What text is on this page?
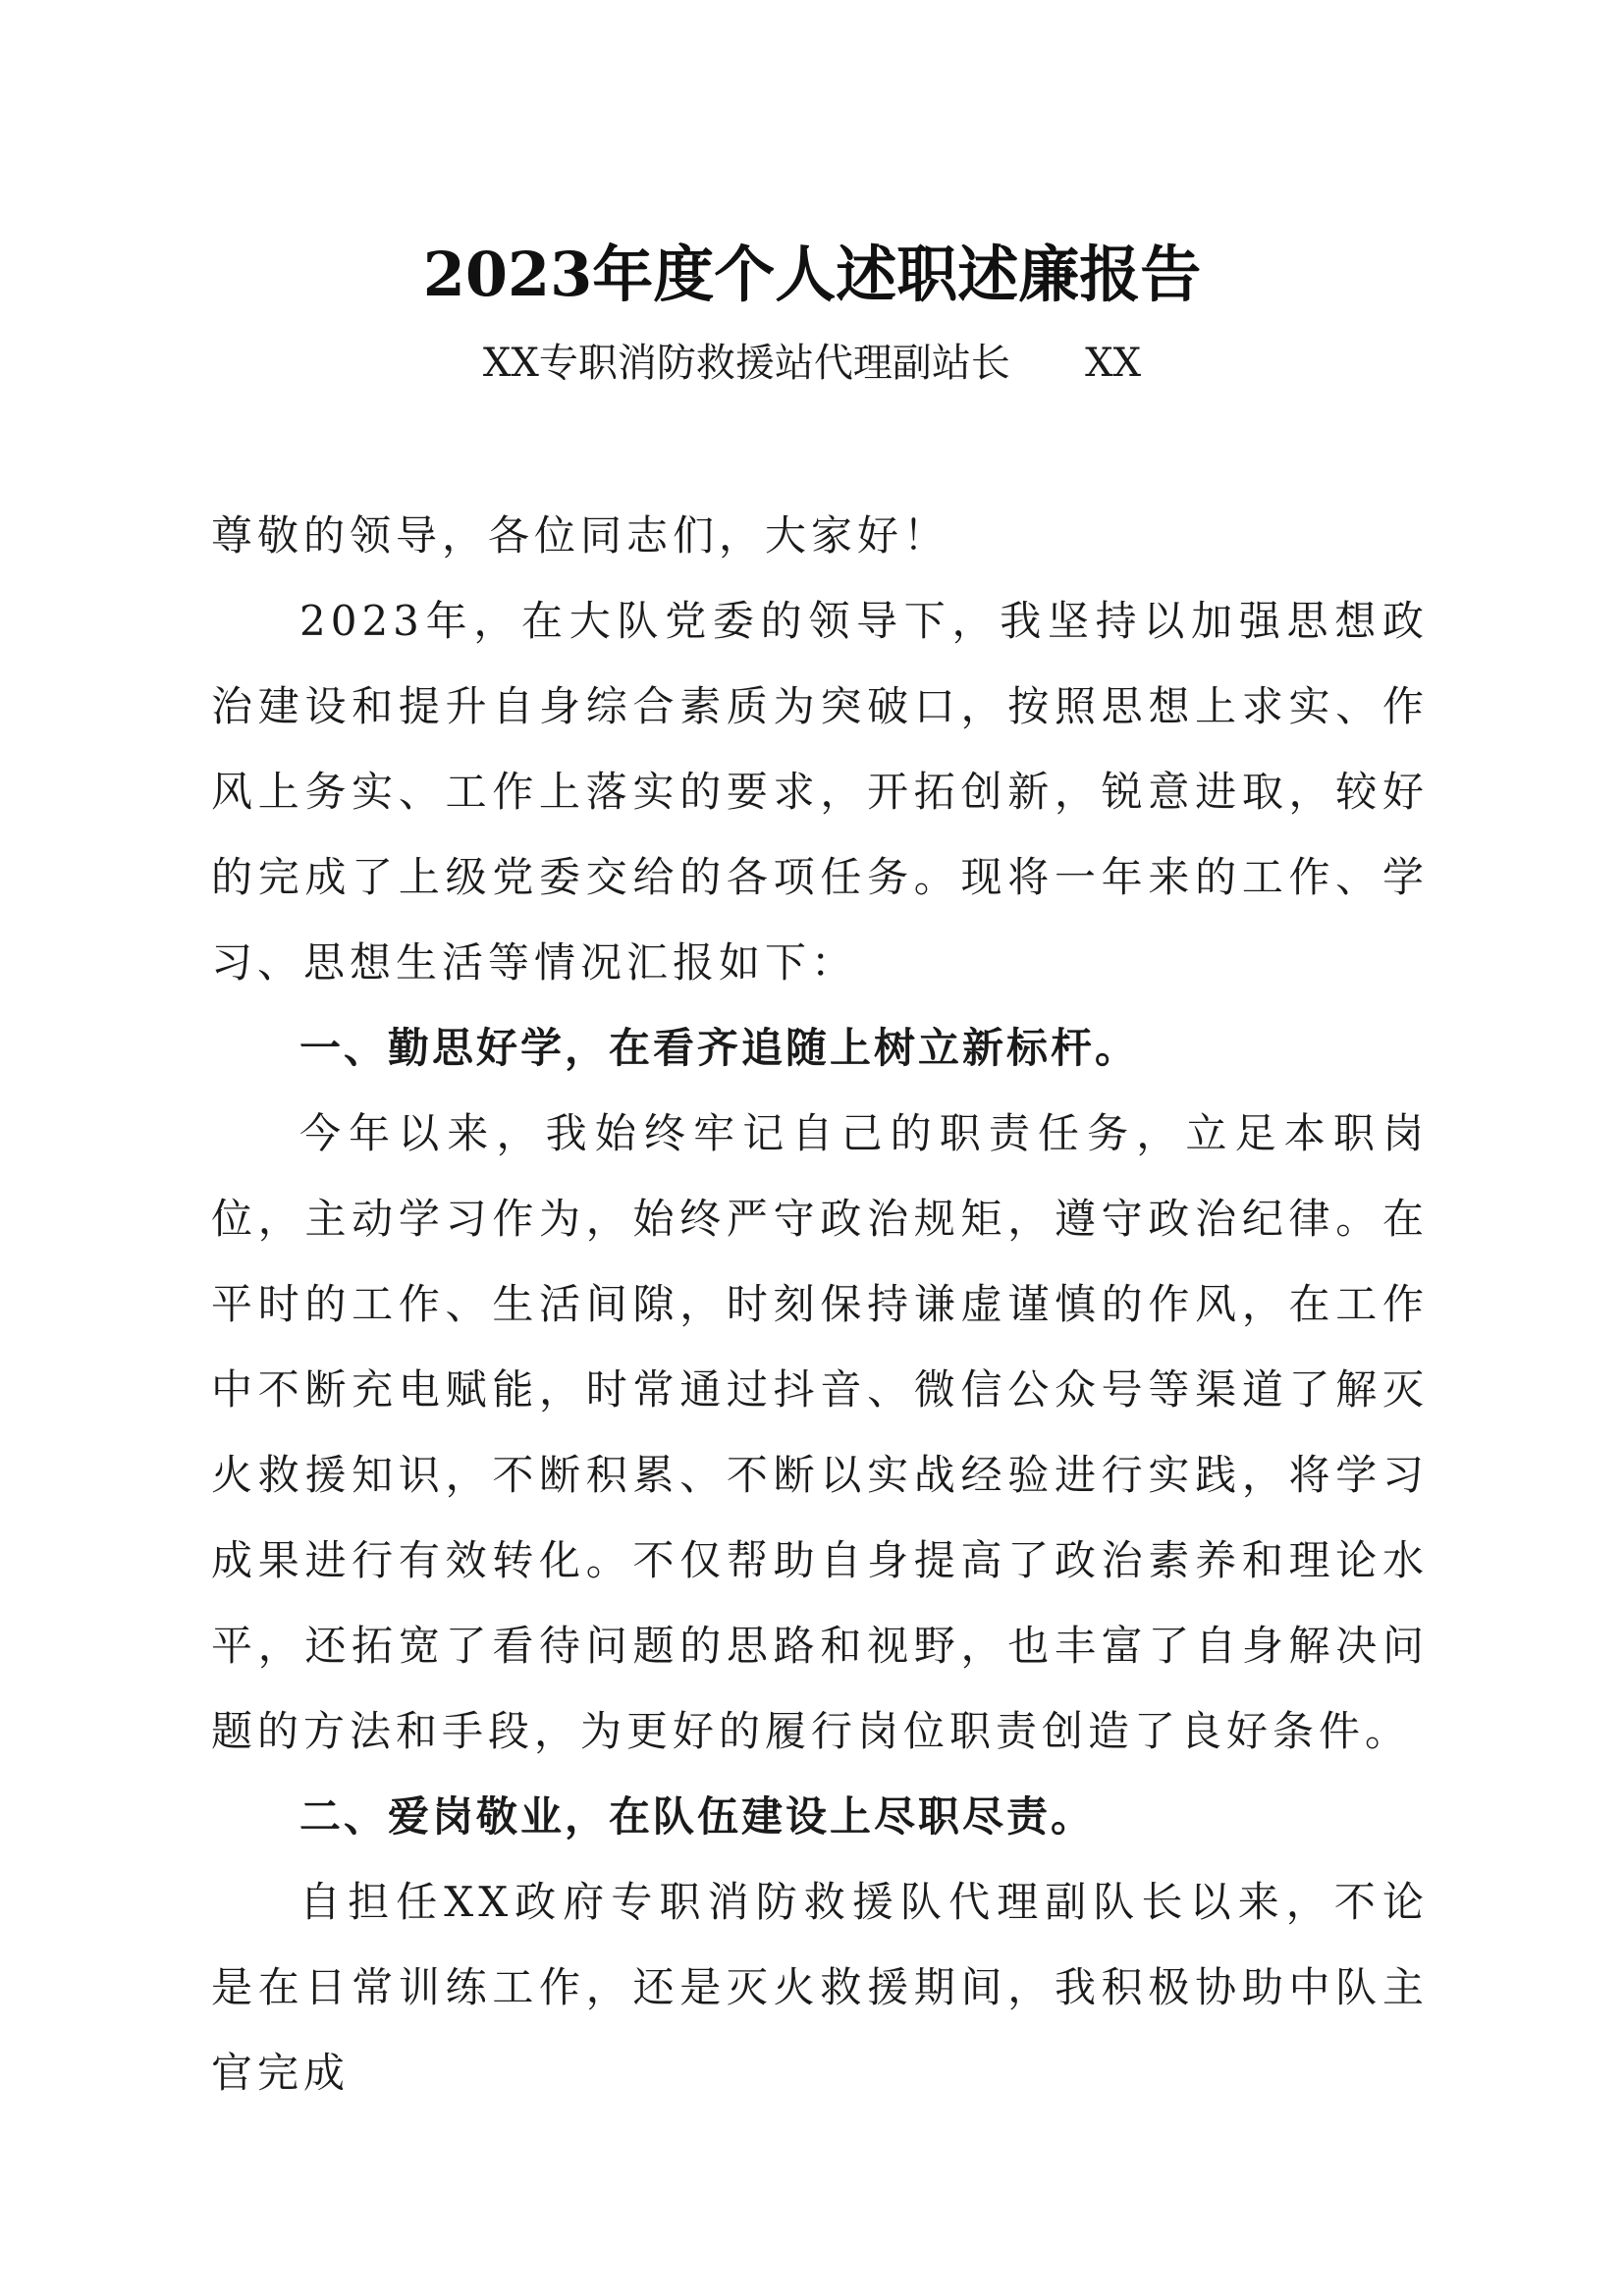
2023年度个人述职述廉报告
XX专职消防救援站代理副站长      XX

尊敬的领导，各位同志们，大家好！

2023年，在大队党委的领导下，我坚持以加强思想政治建设和提升自身综合素质为突破口，按照思想上求实、作风上务实、工作上落实的要求，开拓创新，锐意进取，较好的完成了上级党委交给的各项任务。现将一年来的工作、学习、思想生活等情况汇报如下：

一、勤思好学，在看齐追随上树立新标杆。

今年以来，我始终牢记自己的职责任务，立足本职岗位，主动学习作为，始终严守政治规矩，遵守政治纪律。在平时的工作、生活间隙，时刻保持谦虚谨慎的作风，在工作中不断充电赋能，时常通过抖音、微信公众号等渠道了解灭火救援知识，不断积累、不断以实战经验进行实践，将学习成果进行有效转化。不仅帮助自身提高了政治素养和理论水平，还拓宽了看待问题的思路和视野，也丰富了自身解决问题的方法和手段，为更好的履行岗位职责创造了良好条件。

二、爱岗敬业，在队伍建设上尽职尽责。

自担任XX政府专职消防救援队代理副队长以来，不论是在日常训练工作，还是灭火救援期间，我积极协助中队主官完成
